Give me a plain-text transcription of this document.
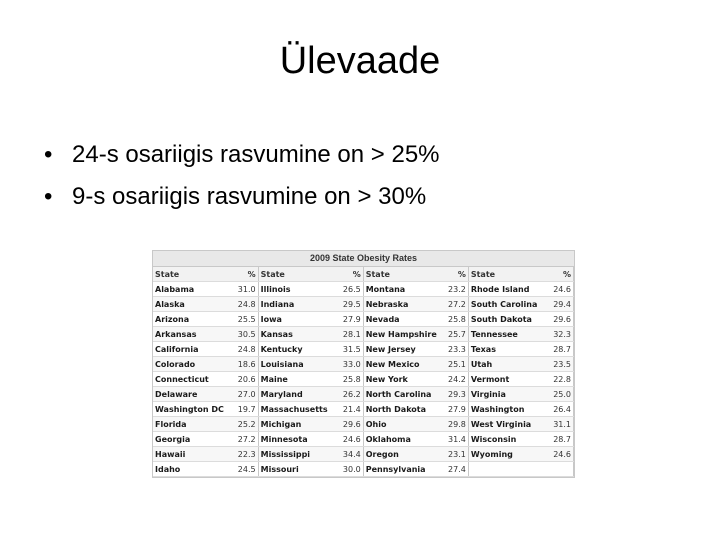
Ülevaade
• 24-s osariigis rasvumine on > 25%
• 9-s osariigis rasvumine on > 30%
2009 State Obesity Rates
State	%	State	%	State	%	State	%
Alabama	31.0	Illinois	26.5	Montana	23.2	Rhode Island	24.6
Alaska	24.8	Indiana	29.5	Nebraska	27.2	South Carolina	29.4
Arizona	25.5	Iowa	27.9	Nevada	25.8	South Dakota	29.6
Arkansas	30.5	Kansas	28.1	New Hampshire	25.7	Tennessee	32.3
California	24.8	Kentucky	31.5	New Jersey	23.3	Texas	28.7
Colorado	18.6	Louisiana	33.0	New Mexico	25.1	Utah	23.5
Connecticut	20.6	Maine	25.8	New York	24.2	Vermont	22.8
Delaware	27.0	Maryland	26.2	North Carolina	29.3	Virginia	25.0
Washington DC	19.7	Massachusetts	21.4	North Dakota	27.9	Washington	26.4
Florida	25.2	Michigan	29.6	Ohio	29.8	West Virginia	31.1
Georgia	27.2	Minnesota	24.6	Oklahoma	31.4	Wisconsin	28.7
Hawaii	22.3	Mississippi	34.4	Oregon	23.1	Wyoming	24.6
Idaho	24.5	Missouri	30.0	Pennsylvania	27.4		
